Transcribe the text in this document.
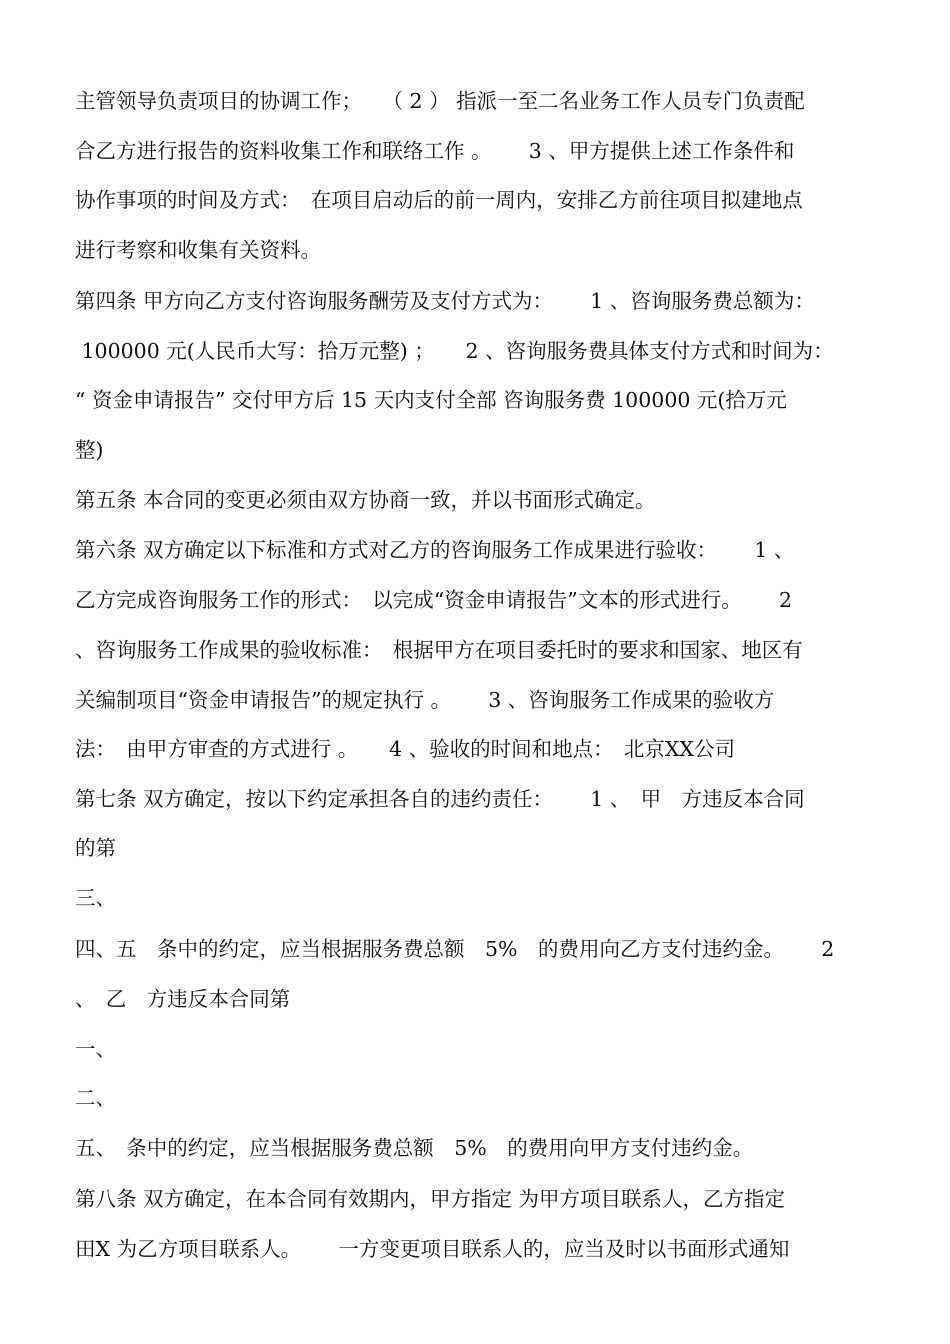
主管领导负责项目的协调工作；　　（ 2 ） 指派一至二名业务工作人员专门负责配
合乙方进行报告的资料收集工作和联络工作 。　　 3 、甲方提供上述工作条件和
协作事项的时间及方式：　在项目启动后的前一周内，安排乙方前往项目拟建地点
进行考察和收集有关资料。
第四条 甲方向乙方支付咨询服务酬劳及支付方式为：　　 1 、咨询服务费总额为：
100000 元(人民币大写：拾万元整) ；　　2 、咨询服务费具体支付方式和时间为：
“ 资金申请报告” 交付甲方后 15 天内支付全部 咨询服务费 100000 元(拾万元
整)
第五条 本合同的变更必须由双方协商一致，并以书面形式确定。
第六条 双方确定以下标准和方式对乙方的咨询服务工作成果进行验收：　　 1 、
乙方完成咨询服务工作的形式：　以完成“资金申请报告”文本的形式进行。　　 2
、咨询服务工作成果的验收标准：　根据甲方在项目委托时的要求和国家、地区有
关编制项目“资金申请报告”的规定执行 。　　 3 、咨询服务工作成果的验收方
法：　由甲方审查的方式进行 。　　4 、验收的时间和地点：　北京XX公司
第七条 双方确定，按以下约定承担各自的违约责任：　　 1 、　甲　方违反本合同
的第
三、
四、五　条中的约定，应当根据服务费总额　5%　的费用向乙方支付违约金。　　 2
、　乙　方违反本合同第
一、
二、
五、　条中的约定，应当根据服务费总额　5%　的费用向甲方支付违约金。
第八条 双方确定，在本合同有效期内，甲方指定 为甲方项目联系人，乙方指定
田X 为乙方项目联系人。　　 一方变更项目联系人的，应当及时以书面形式通知
